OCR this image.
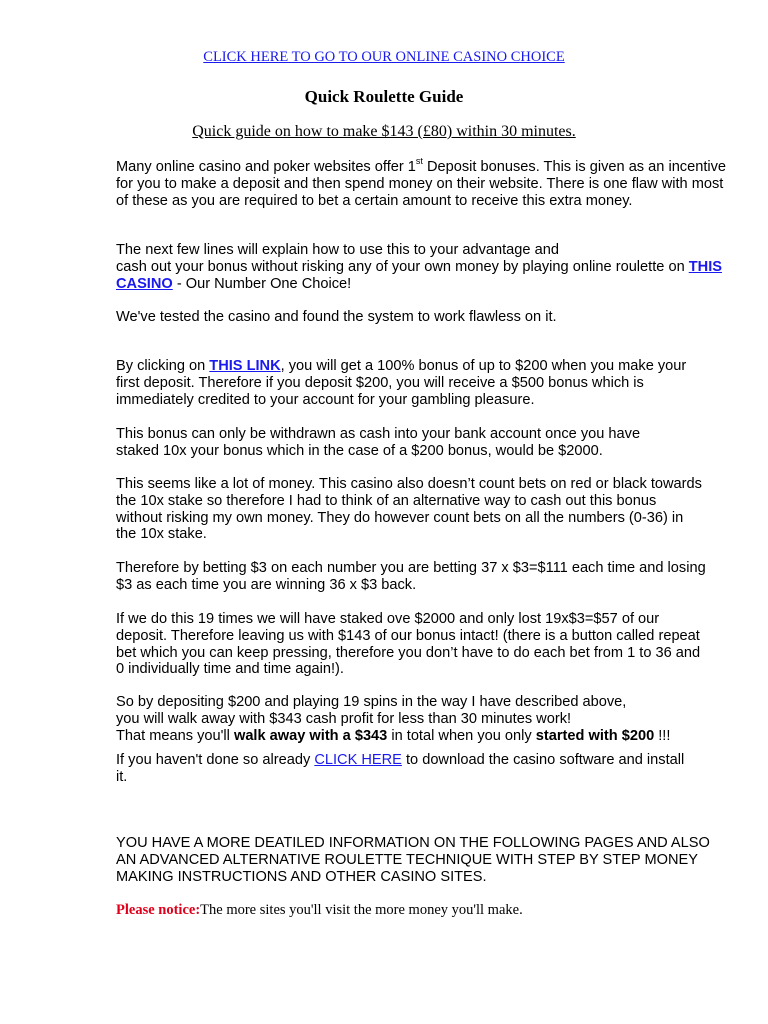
CLICK HERE TO GO TO OUR ONLINE CASINO CHOICE
Quick Roulette Guide
Quick guide on how to make $143 (£80) within 30 minutes.

Many online casino and poker websites offer 1st Deposit bonuses. This is given as an incentive for you to make a deposit and then spend money on their website. There is one flaw with most of these as you are required to bet a certain amount to receive this extra money.

The next few lines will explain how to use this to your advantage and
cash out your bonus without risking any of your own money by playing online roulette on THIS CASINO - Our Number One Choice!

We've tested the casino and found the system to work flawless on it.

By clicking on THIS LINK, you will get a 100% bonus of up to $200 when you make your first deposit. Therefore if you deposit $200, you will receive a $500 bonus which is immediately credited to your account for your gambling pleasure.

This bonus can only be withdrawn as cash into your bank account once you have staked 10x your bonus which in the case of a $200 bonus, would be $2000.

This seems like a lot of money. This casino also doesn’t count bets on red or black towards the 10x stake so therefore I had to think of an alternative way to cash out this bonus without risking my own money. They do however count bets on all the numbers (0-36) in the 10x stake.

Therefore by betting $3 on each number you are betting 37 x $3=$111 each time and losing $3 as each time you are winning 36 x $3 back.

If we do this 19 times we will have staked ove $2000 and only lost 19x$3=$57 of our deposit. Therefore leaving us with $143 of our bonus intact! (there is a button called repeat bet which you can keep pressing, therefore you don’t have to do each bet from 1 to 36 and 0 individually time and time again!).

So by depositing $200 and playing 19 spins in the way I have described above,
you will walk away with $343 cash profit for less than 30 minutes work!
That means you'll walk away with a $343 in total when you only started with $200 !!!

If you haven't done so already CLICK HERE to download the casino software and install it.

YOU HAVE A MORE DEATILED INFORMATION ON THE FOLLOWING PAGES AND ALSO AN ADVANCED ALTERNATIVE ROULETTE TECHNIQUE WITH STEP BY STEP MONEY MAKING INSTRUCTIONS AND OTHER CASINO SITES.

Please notice:The more sites you'll visit the more money you'll make.
